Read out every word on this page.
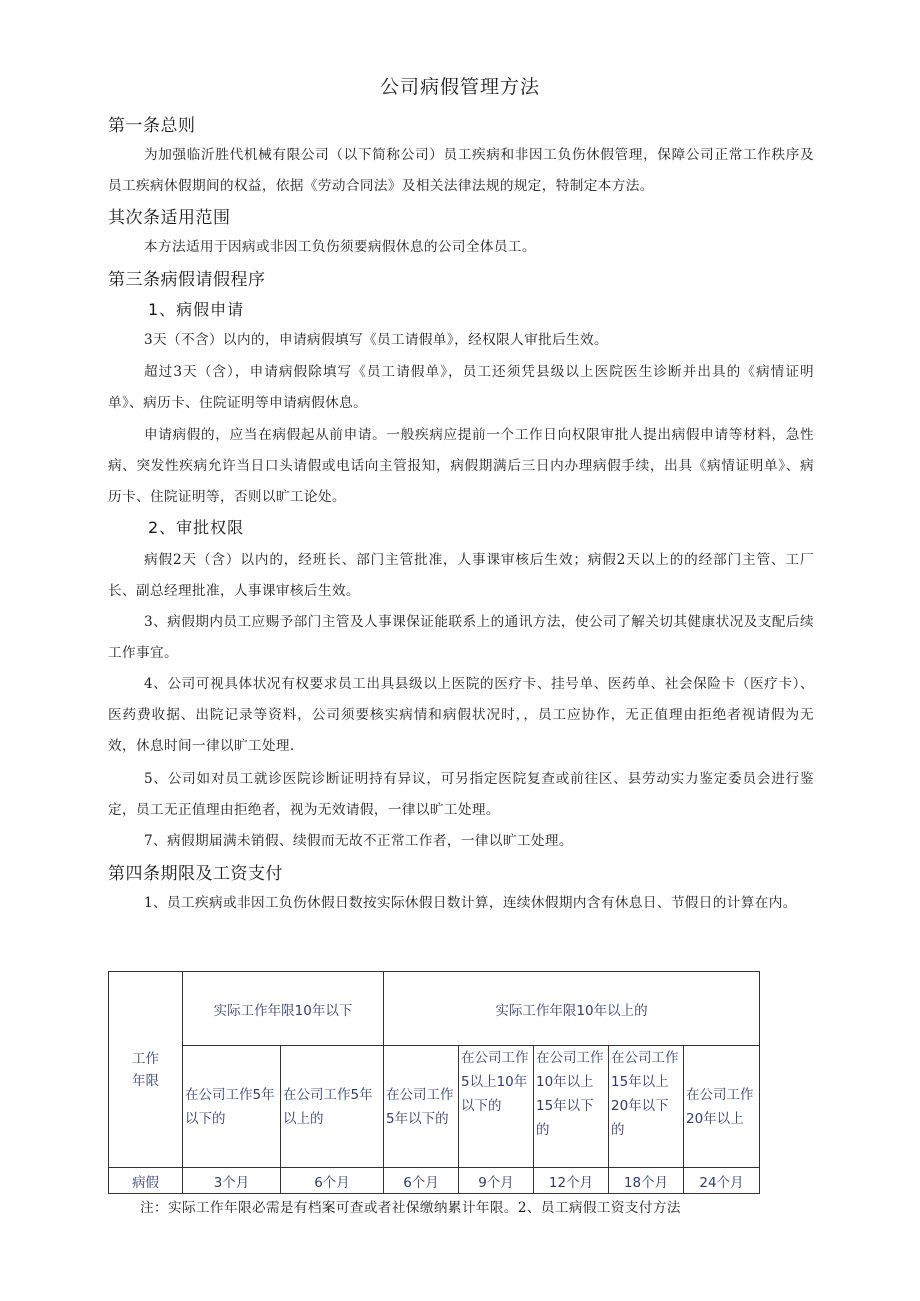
公司病假管理方法
第一条总则
为加强临沂胜代机械有限公司（以下简称公司）员工疾病和非因工负伤休假管理，保障公司正常工作秩序及员工疾病休假期间的权益，依据《劳动合同法》及相关法律法规的规定，特制定本方法。
其次条适用范围
本方法适用于因病或非因工负伤须要病假休息的公司全体员工。
第三条病假请假程序
1、病假申请
3天（不含）以内的，申请病假填写《员工请假单》，经权限人审批后生效。
超过3天（含），申请病假除填写《员工请假单》，员工还须凭县级以上医院医生诊断并出具的《病情证明单》、病历卡、住院证明等申请病假休息。
申请病假的，应当在病假起从前申请。一般疾病应提前一个工作日向权限审批人提出病假申请等材料，急性病、突发性疾病允许当日口头请假或电话向主管报知，病假期满后三日内办理病假手续，出具《病情证明单》、病历卡、住院证明等，否则以旷工论处。
2、审批权限
病假2天（含）以内的，经班长、部门主管批准，人事课审核后生效；病假2天以上的的经部门主管、工厂长、副总经理批准，人事课审核后生效。
3、病假期内员工应赐予部门主管及人事课保证能联系上的通讯方法，使公司了解关切其健康状况及支配后续工作事宜。
4、公司可视具体状况有权要求员工出具县级以上医院的医疗卡、挂号单、医药单、社会保险卡（医疗卡）、医药费收据、出院记录等资料，公司须要核实病情和病假状况时，，员工应协作，无正值理由拒绝者视请假为无效，休息时间一律以旷工处理.
5、公司如对员工就诊医院诊断证明持有异议，可另指定医院复查或前往区、县劳动实力鉴定委员会进行鉴定，员工无正值理由拒绝者，视为无效请假，一律以旷工处理。
7、病假期届满未销假、续假而无故不正常工作者，一律以旷工处理。
第四条期限及工资支付
1、员工疾病或非因工负伤休假日数按实际休假日数计算，连续休假期内含有休息日、节假日的计算在内。
工作年限	实际工作年限10年以下		实际工作年限10年以上的				
	在公司工作5年以下的	在公司工作5年以上的	在公司工作5年以下的	在公司工作5以上10年以下的	在公司工作10年以上15年以下的	在公司工作15年以上20年以下的	在公司工作20年以上
病假	3个月	6个月	6个月	9个月	12个月	18个月	24个月
注：实际工作年限必需是有档案可查或者社保缴纳累计年限。2、员工病假工资支付方法
